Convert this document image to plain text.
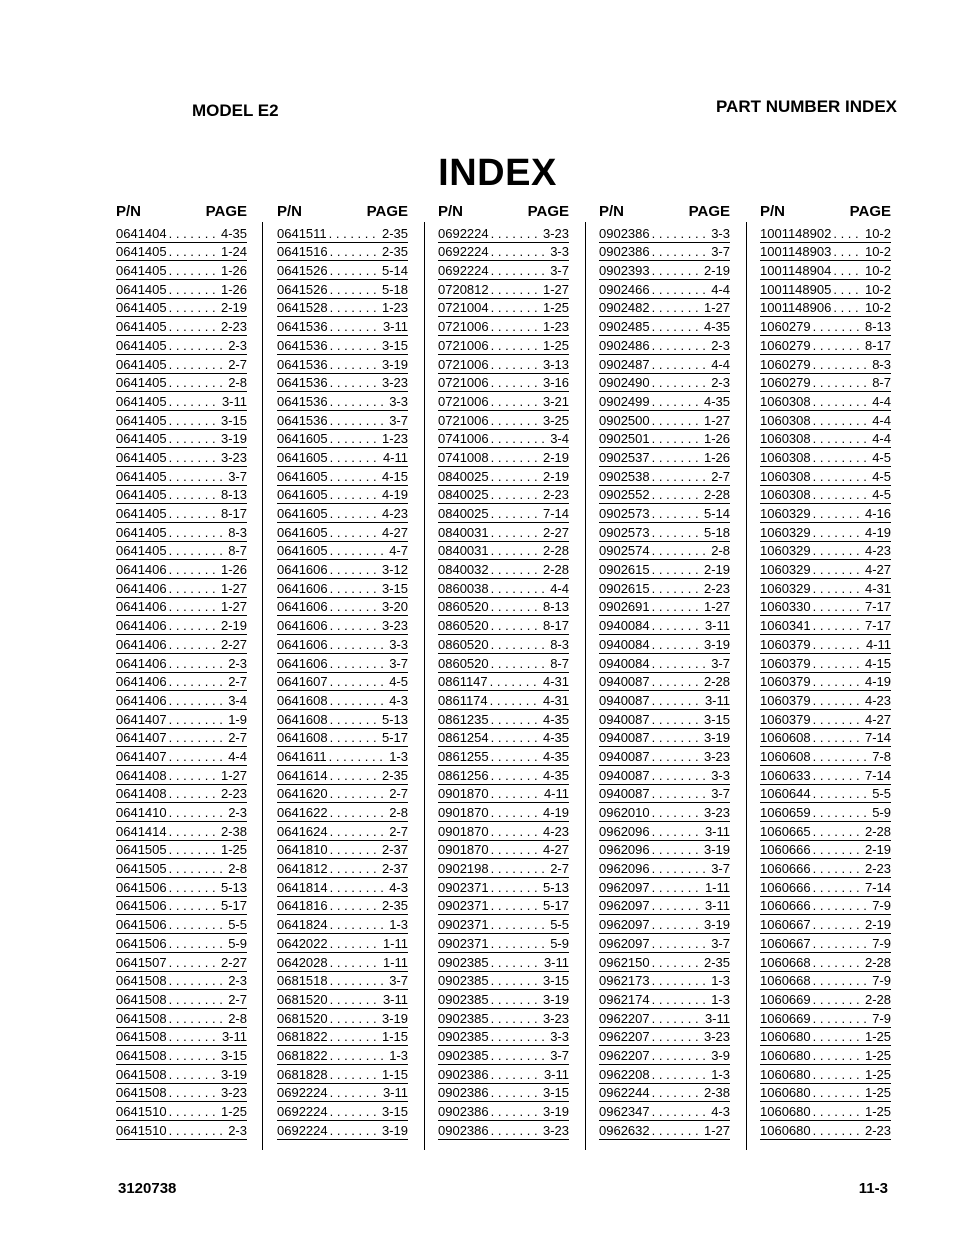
MODEL E2	PART NUMBER INDEX
INDEX
P/N	PAGE
0641404 . . .	4-35
0641405 . . .	1-24
0641405 . . .	1-26
0641405 . . .	1-26
0641405 . . .	2-19
0641405 . . .	2-23
0641405 . . .	2-3
0641405 . . .	2-7
0641405 . . .	2-8
0641405 . . .	3-11
0641405 . . .	3-15
0641405 . . .	3-19
0641405 . . .	3-23
0641405 . . .	3-7
0641405 . . .	8-13
0641405 . . .	8-17
0641405 . . .	8-3
0641405 . . .	8-7
0641406 . . .	1-26
0641406 . . .	1-27
0641406 . . .	1-27
0641406 . . .	2-19
0641406 . . .	2-27
0641406 . . .	2-3
0641406 . . .	2-7
0641406 . . .	3-4
0641407 . . .	1-9
0641407 . . .	2-7
0641407 . . .	4-4
0641408 . . .	1-27
0641408 . . .	2-23
0641410 . . .	2-3
0641414 . . .	2-38
0641505 . . .	1-25
0641505 . . .	2-8
0641506 . . .	5-13
0641506 . . .	5-17
0641506 . . .	5-5
0641506 . . .	5-9
0641507 . . .	2-27
0641508 . . .	2-3
0641508 . . .	2-7
0641508 . . .	2-8
0641508 . . .	3-11
0641508 . . .	3-15
0641508 . . .	3-19
0641508 . . .	3-23
0641510 . . .	1-25
0641510 . . .	2-3
P/N	PAGE
0641511 . . .	2-35
0641516 . . .	2-35
0641526 . . .	5-14
0641526 . . .	5-18
0641528 . . .	1-23
0641536 . . .	3-11
0641536 . . .	3-15
0641536 . . .	3-19
0641536 . . .	3-23
0641536 . . .	3-3
0641536 . . .	3-7
0641605 . . .	1-23
0641605 . . .	4-11
0641605 . . .	4-15
0641605 . . .	4-19
0641605 . . .	4-23
0641605 . . .	4-27
0641605 . . .	4-7
0641606 . . .	3-12
0641606 . . .	3-15
0641606 . . .	3-20
0641606 . . .	3-23
0641606 . . .	3-3
0641606 . . .	3-7
0641607 . . .	4-5
0641608 . . .	4-3
0641608 . . .	5-13
0641608 . . .	5-17
0641611 . . .	1-3
0641614 . . .	2-35
0641620 . . .	2-7
0641622 . . .	2-8
0641624 . . .	2-7
0641810 . . .	2-37
0641812 . . .	2-37
0641814 . . .	4-3
0641816 . . .	2-35
0641824 . . .	1-3
0642022 . . .	1-11
0642028 . . .	1-11
0681518 . . .	3-7
0681520 . . .	3-11
0681520 . . .	3-19
0681822 . . .	1-15
0681822 . . .	1-3
0681828 . . .	1-15
0692224 . . .	3-11
0692224 . . .	3-15
0692224 . . .	3-19
P/N	PAGE
0692224 . . .	3-23
0692224 . . .	3-3
0692224 . . .	3-7
0720812 . . .	1-27
0721004 . . .	1-25
0721006 . . .	1-23
0721006 . . .	1-25
0721006 . . .	3-13
0721006 . . .	3-16
0721006 . . .	3-21
0721006 . . .	3-25
0741006 . . .	3-4
0741008 . . .	2-19
0840025 . . .	2-19
0840025 . . .	2-23
0840025 . . .	7-14
0840031 . . .	2-27
0840031 . . .	2-28
0840032 . . .	2-28
0860038 . . .	4-4
0860520 . . .	8-13
0860520 . . .	8-17
0860520 . . .	8-3
0860520 . . .	8-7
0861147 . . .	4-31
0861174 . . .	4-31
0861235 . . .	4-35
0861254 . . .	4-35
0861255 . . .	4-35
0861256 . . .	4-35
0901870 . . .	4-11
0901870 . . .	4-19
0901870 . . .	4-23
0901870 . . .	4-27
0902198 . . .	2-7
0902371 . . .	5-13
0902371 . . .	5-17
0902371 . . .	5-5
0902371 . . .	5-9
0902385 . . .	3-11
0902385 . . .	3-15
0902385 . . .	3-19
0902385 . . .	3-23
0902385 . . .	3-3
0902385 . . .	3-7
0902386 . . .	3-11
0902386 . . .	3-15
0902386 . . .	3-19
0902386 . . .	3-23
P/N	PAGE
0902386 . . .	3-3
0902386 . . .	3-7
0902393 . . .	2-19
0902466 . . .	4-4
0902482 . . .	1-27
0902485 . . .	4-35
0902486 . . .	2-3
0902487 . . .	4-4
0902490 . . .	2-3
0902499 . . .	4-35
0902500 . . .	1-27
0902501 . . .	1-26
0902537 . . .	1-26
0902538 . . .	2-7
0902552 . . .	2-28
0902573 . . .	5-14
0902573 . . .	5-18
0902574 . . .	2-8
0902615 . . .	2-19
0902615 . . .	2-23
0902691 . . .	1-27
0940084 . . .	3-11
0940084 . . .	3-19
0940084 . . .	3-7
0940087 . . .	2-28
0940087 . . .	3-11
0940087 . . .	3-15
0940087 . . .	3-19
0940087 . . .	3-23
0940087 . . .	3-3
0940087 . . .	3-7
0962010 . . .	3-23
0962096 . . .	3-11
0962096 . . .	3-19
0962096 . . .	3-7
0962097 . . .	1-11
0962097 . . .	3-11
0962097 . . .	3-19
0962097 . . .	3-7
0962150 . . .	2-35
0962173 . . .	1-3
0962174 . . .	1-3
0962207 . . .	3-11
0962207 . . .	3-23
0962207 . . .	3-9
0962208 . . .	1-3
0962244 . . .	2-38
0962347 . . .	4-3
0962632 . . .	1-27
P/N	PAGE
1001148902 . . .	10-2
1001148903 . . .	10-2
1001148904 . . .	10-2
1001148905 . . .	10-2
1001148906 . . .	10-2
1060279 . . .	8-13
1060279 . . .	8-17
1060279 . . .	8-3
1060279 . . .	8-7
1060308 . . .	4-4
1060308 . . .	4-4
1060308 . . .	4-4
1060308 . . .	4-5
1060308 . . .	4-5
1060308 . . .	4-5
1060329 . . .	4-16
1060329 . . .	4-19
1060329 . . .	4-23
1060329 . . .	4-27
1060329 . . .	4-31
1060330 . . .	7-17
1060341 . . .	7-17
1060379 . . .	4-11
1060379 . . .	4-15
1060379 . . .	4-19
1060379 . . .	4-23
1060379 . . .	4-27
1060608 . . .	7-14
1060608 . . .	7-8
1060633 . . .	7-14
1060644 . . .	5-5
1060659 . . .	5-9
1060665 . . .	2-28
1060666 . . .	2-19
1060666 . . .	2-23
1060666 . . .	7-14
1060666 . . .	7-9
1060667 . . .	2-19
1060667 . . .	7-9
1060668 . . .	2-28
1060668 . . .	7-9
1060669 . . .	2-28
1060669 . . .	7-9
1060680 . . .	1-25
1060680 . . .	1-25
1060680 . . .	1-25
1060680 . . .	1-25
1060680 . . .	1-25
1060680 . . .	2-23
3120738	11-3
